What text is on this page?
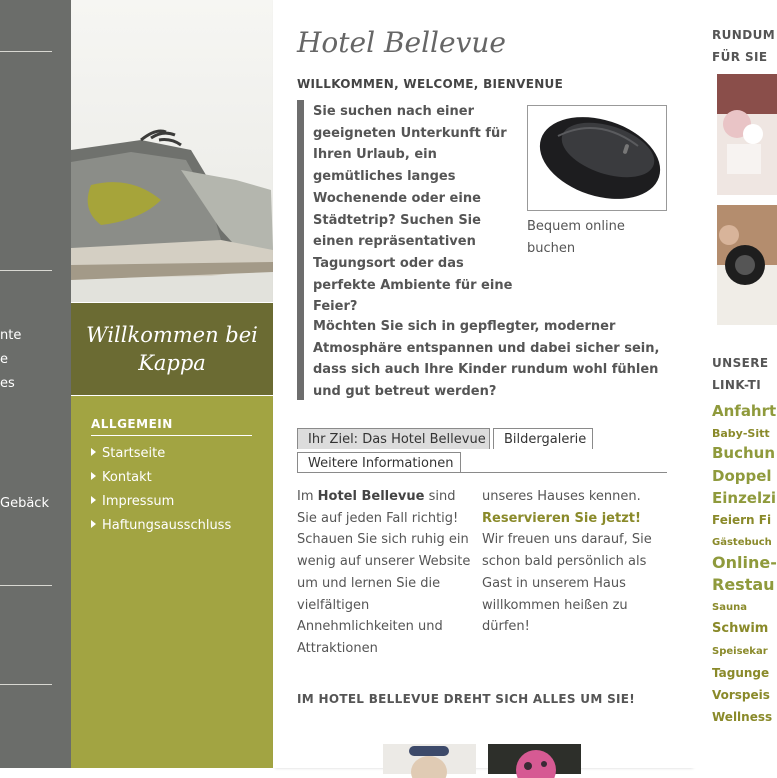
nte
e
es
Gebäck
Willkommen bei Kappa
ALLGEMEIN
Startseite
Kontakt
Impressum
Haftungsausschluss
Hotel Bellevue
WILLKOMMEN, WELCOME, BIENVENUE
Sie suchen nach einer geeigneten Unterkunft für Ihren Urlaub, ein gemütliches langes Wochenende oder eine Städtetrip? Suchen Sie einen repräsentativen Tagungsort oder das perfekte Ambiente für eine Feier?
Möchten Sie sich in gepflegter, moderner Atmosphäre entspannen und dabei sicher sein, dass sich auch Ihre Kinder rundum wohl fühlen und gut betreut werden?
Bequem online buchen
Ihr Ziel: Das Hotel Bellevue	Bildergalerie
Weitere Informationen
Im Hotel Bellevue sind Sie auf jeden Fall richtig! Schauen Sie sich ruhig ein wenig auf unserer Website um und lernen Sie die vielfältigen Annehmlichkeiten und Attraktionen
unseres Hauses kennen. Reservieren Sie jetzt! Wir freuen uns darauf, Sie schon bald persönlich als Gast in unserem Haus willkommen heißen zu dürfen!
IM HOTEL BELLEVUE DREHT SICH ALLES UM SIE!
RUNDUM
FÜR SIE
UNSERE
LINK-TI
Anfahrt
Baby-Sitt
Buchun
Doppel
Einzelzi
Feiern Fi
Gästebuch
Online-
Restau
Sauna
Schwim
Speisekar
Tagunge
Vorspeis
Wellness
